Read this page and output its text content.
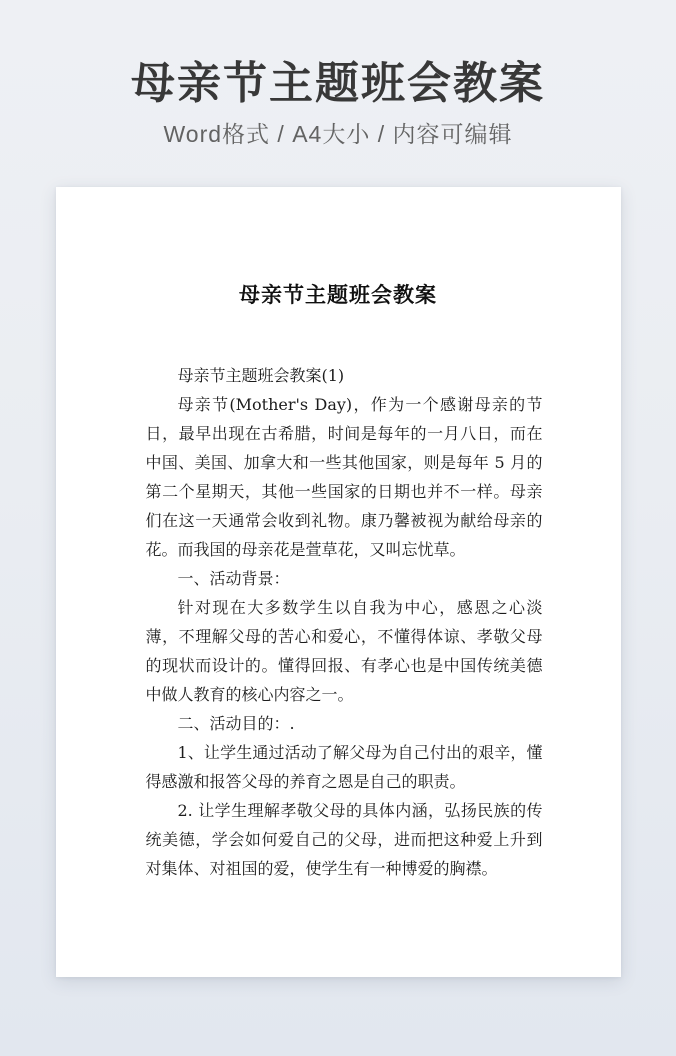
母亲节主题班会教案
Word格式 / A4大小 / 内容可编辑
母亲节主题班会教案

母亲节主题班会教案(1)

母亲节(Mother's Day)，作为一个感谢母亲的节日，最早出现在古希腊，时间是每年的一月八日，而在中国、美国、加拿大和一些其他国家，则是每年 5 月的第二个星期天，其他一些国家的日期也并不一样。母亲们在这一天通常会收到礼物。康乃馨被视为献给母亲的花。而我国的母亲花是萱草花，又叫忘忧草。

一、活动背景：

针对现在大多数学生以自我为中心，感恩之心淡薄，不理解父母的苦心和爱心，不懂得体谅、孝敬父母的现状而设计的。懂得回报、有孝心也是中国传统美德中做人教育的核心内容之一。

二、活动目的：.

1、让学生通过活动了解父母为自己付出的艰辛，懂得感激和报答父母的养育之恩是自己的职责。

2. 让学生理解孝敬父母的具体内涵，弘扬民族的传统美德，学会如何爱自己的父母，进而把这种爱上升到对集体、对祖国的爱，使学生有一种博爱的胸襟。
